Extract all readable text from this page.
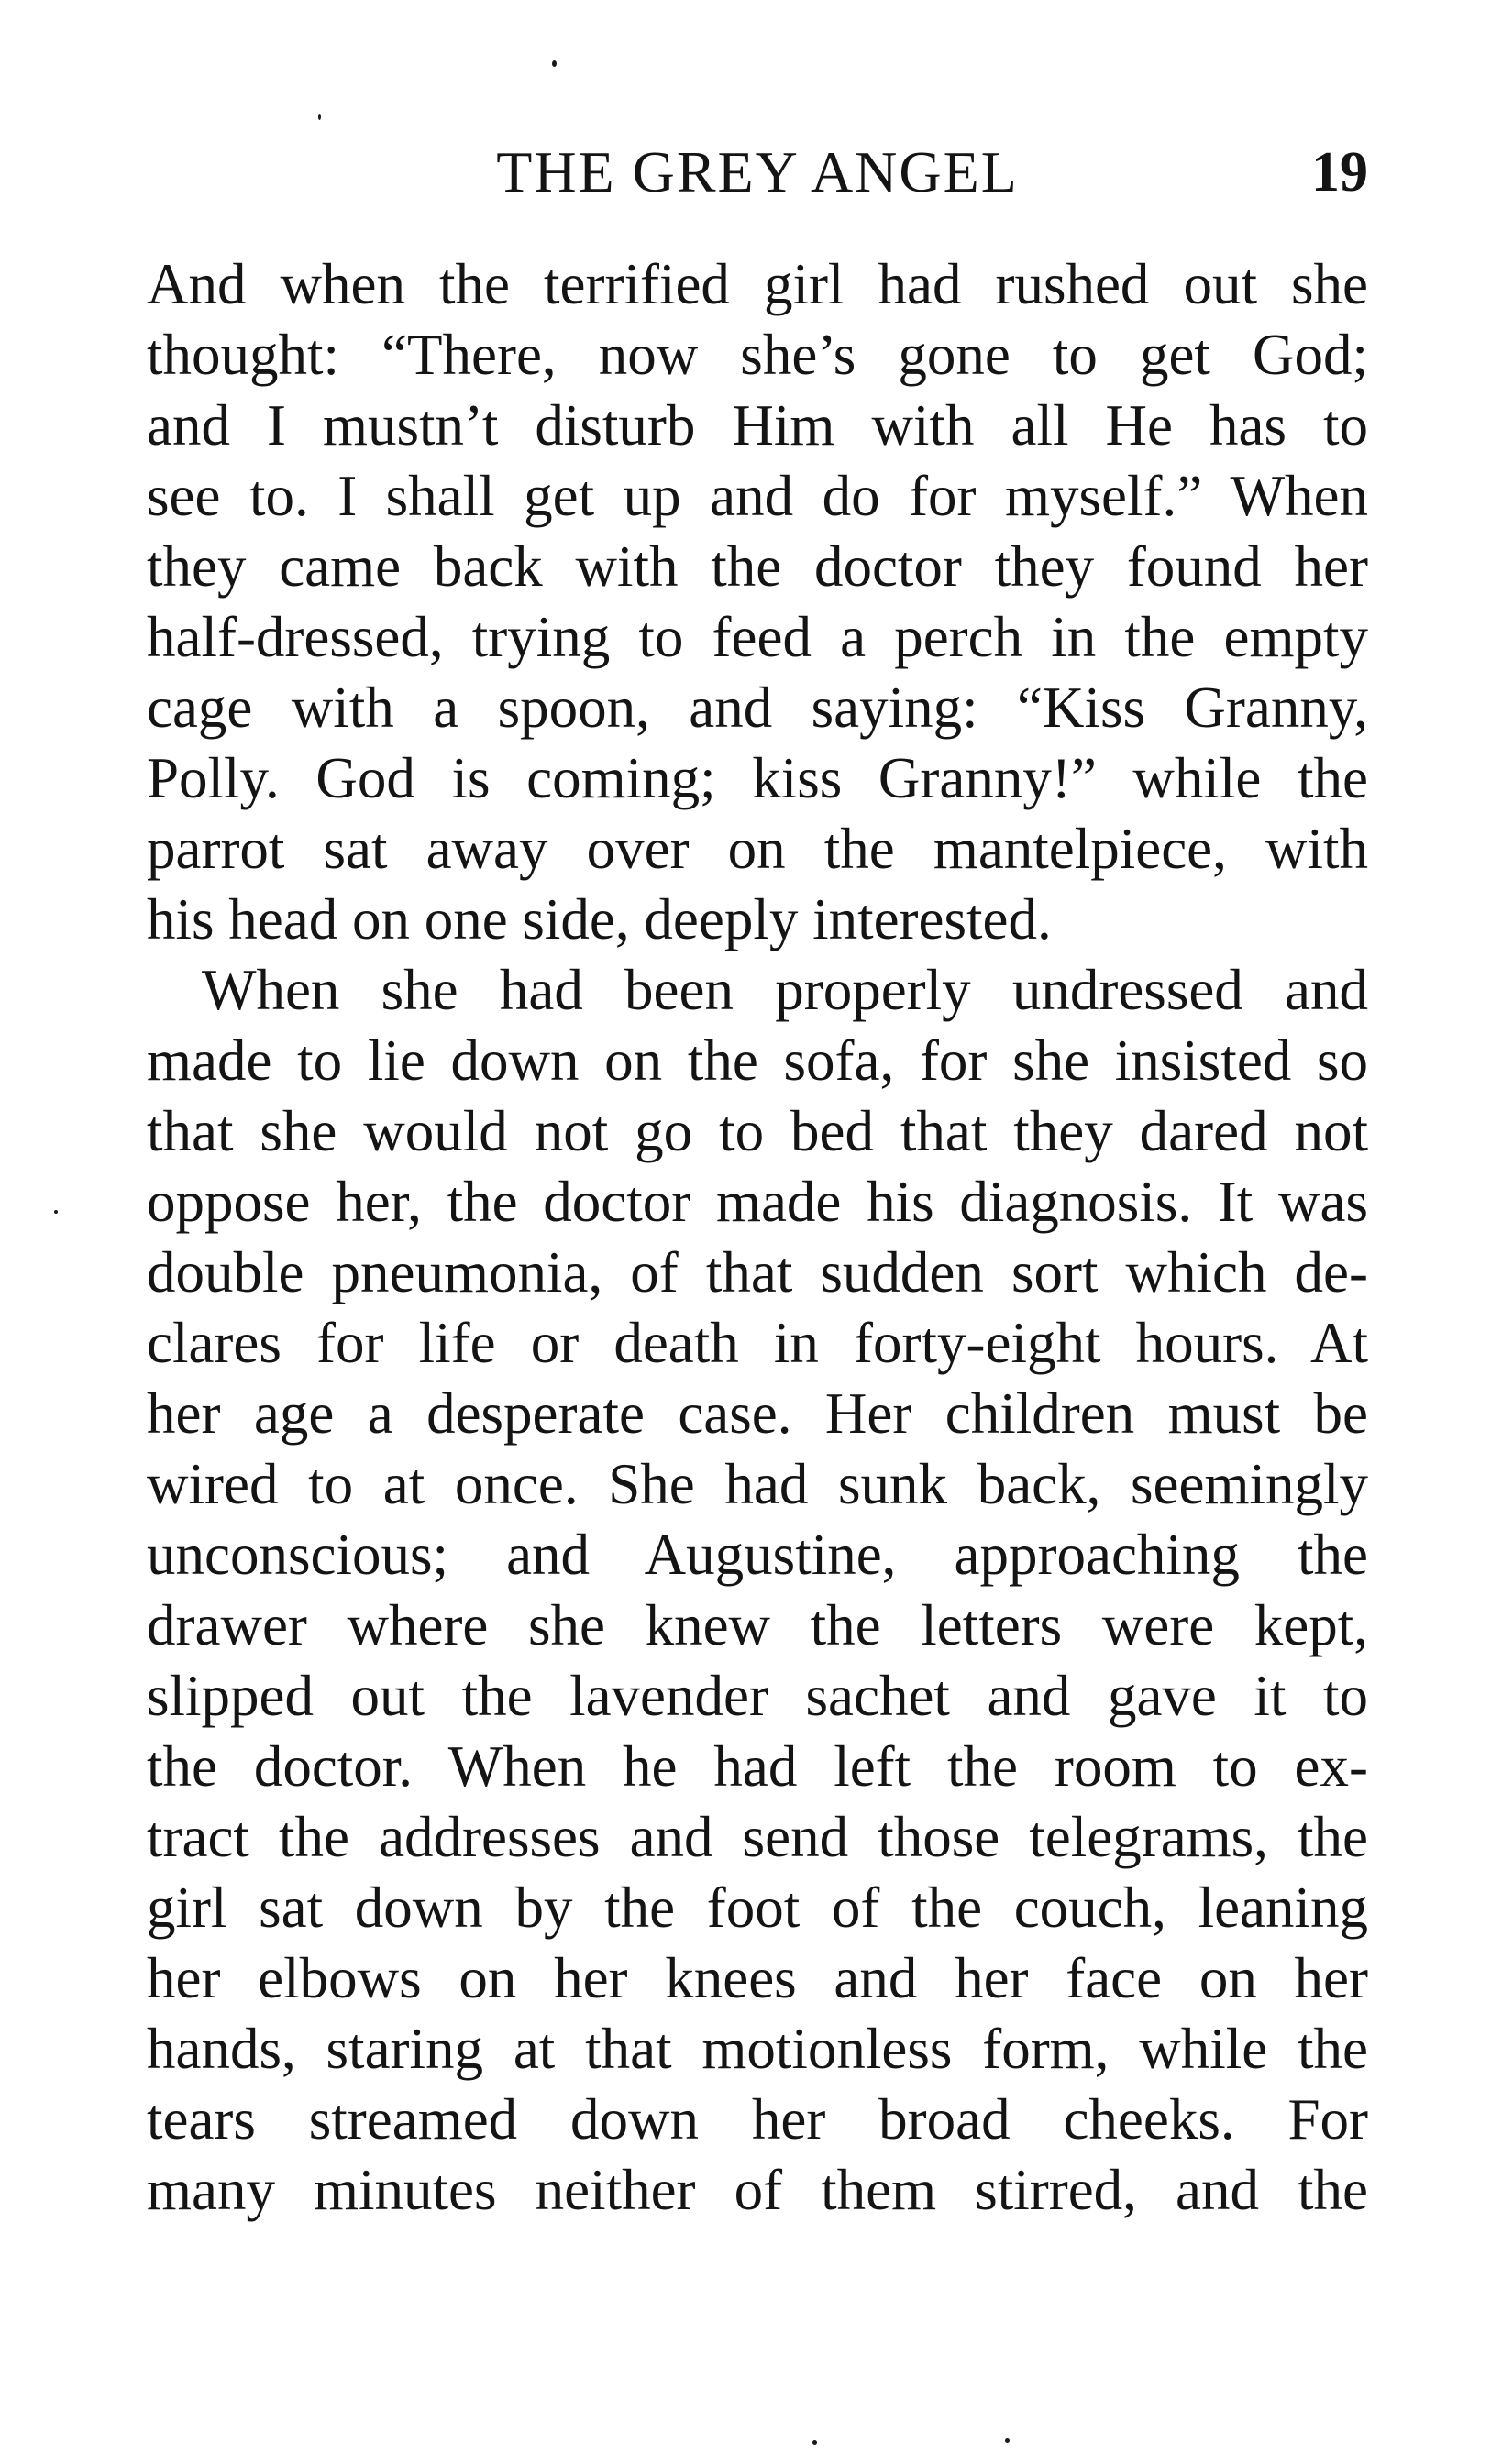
THE GREY ANGEL	19
And when the terrified girl had rushed out she
thought: “There, now she’s gone to get God;
and I mustn’t disturb Him with all He has to
see to. I shall get up and do for myself.” When
they came back with the doctor they found her
half-dressed, trying to feed a perch in the empty
cage with a spoon, and saying: “Kiss Granny,
Polly. God is coming; kiss Granny!” while the
parrot sat away over on the mantelpiece, with
his head on one side, deeply interested.
When she had been properly undressed and
made to lie down on the sofa, for she insisted so
that she would not go to bed that they dared not
oppose her, the doctor made his diagnosis. It was
double pneumonia, of that sudden sort which de-
clares for life or death in forty-eight hours. At
her age a desperate case. Her children must be
wired to at once. She had sunk back, seemingly
unconscious; and Augustine, approaching the
drawer where she knew the letters were kept,
slipped out the lavender sachet and gave it to
the doctor. When he had left the room to ex-
tract the addresses and send those telegrams, the
girl sat down by the foot of the couch, leaning
her elbows on her knees and her face on her
hands, staring at that motionless form, while the
tears streamed down her broad cheeks. For
many minutes neither of them stirred, and the
